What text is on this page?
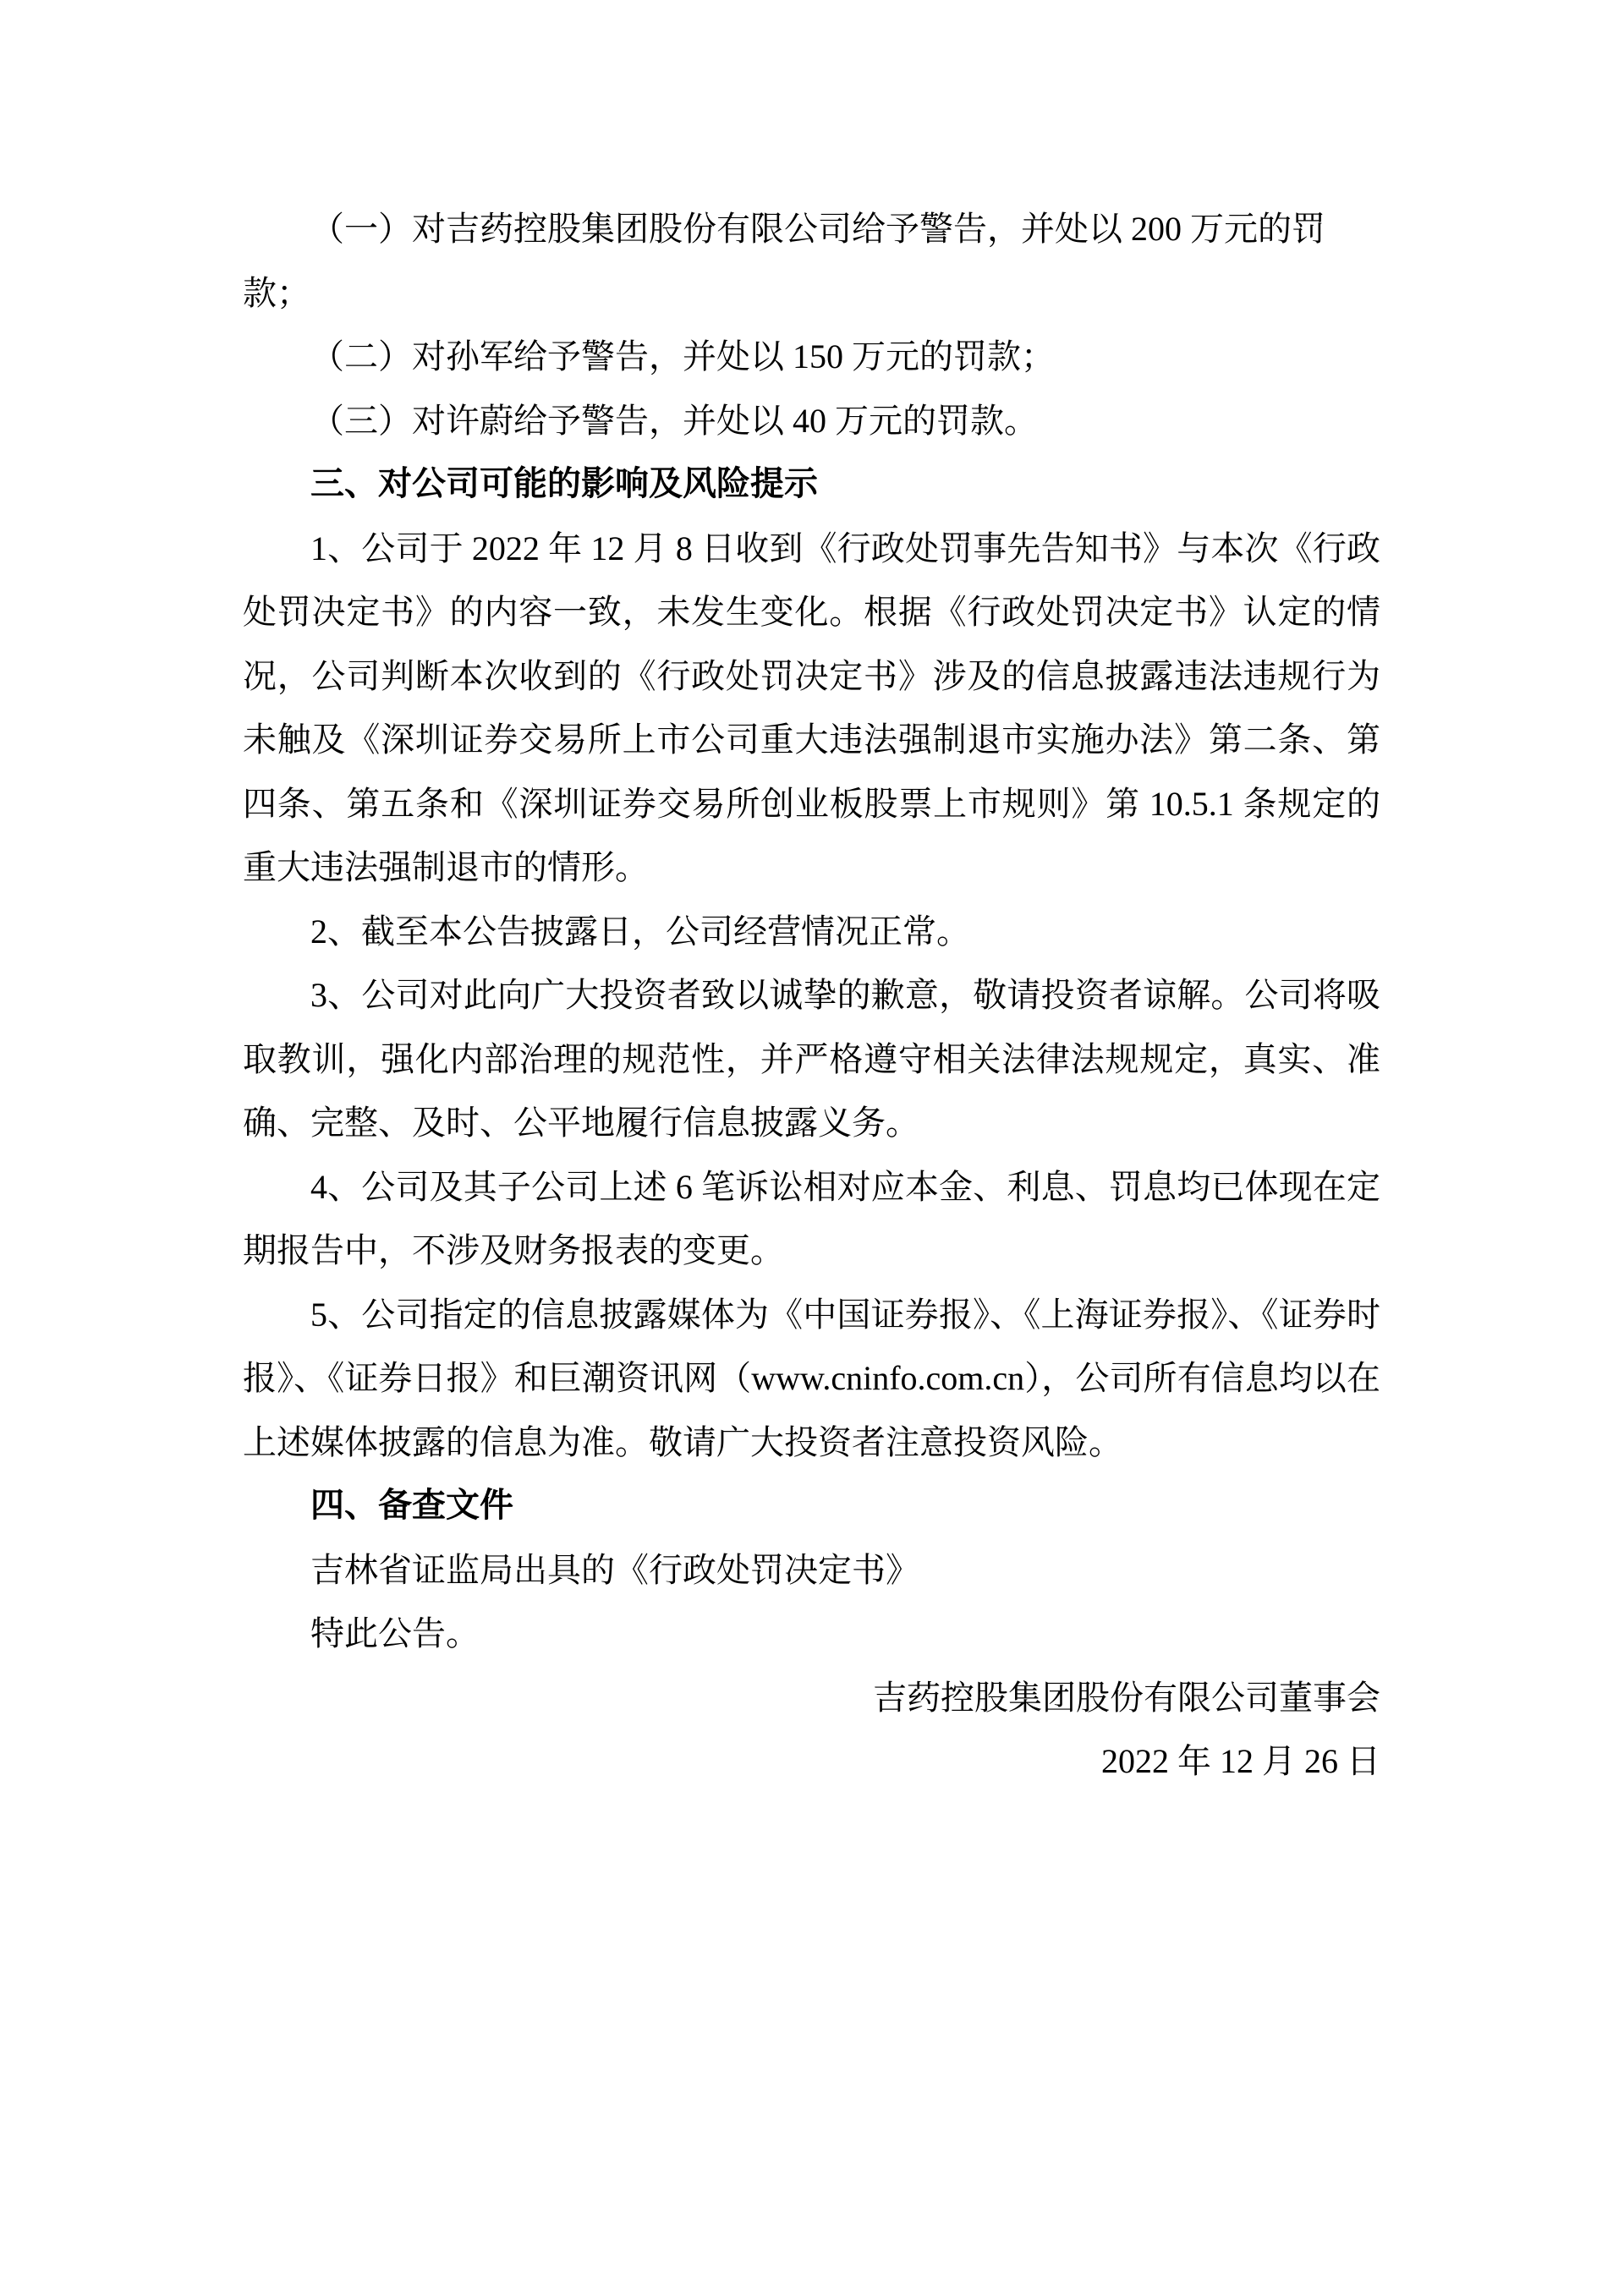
（一）对吉药控股集团股份有限公司给予警告，并处以 200 万元的罚款；

（二）对孙军给予警告，并处以 150 万元的罚款；

（三）对许蔚给予警告，并处以 40 万元的罚款。

三、对公司可能的影响及风险提示

1、公司于 2022 年 12 月 8 日收到《行政处罚事先告知书》与本次《行政处罚决定书》的内容一致，未发生变化。根据《行政处罚决定书》认定的情况，公司判断本次收到的《行政处罚决定书》涉及的信息披露违法违规行为未触及《深圳证券交易所上市公司重大违法强制退市实施办法》第二条、第四条、第五条和《深圳证券交易所创业板股票上市规则》第 10.5.1 条规定的重大违法强制退市的情形。

2、截至本公告披露日，公司经营情况正常。

3、公司对此向广大投资者致以诚挚的歉意，敬请投资者谅解。公司将吸取教训，强化内部治理的规范性，并严格遵守相关法律法规规定，真实、准确、完整、及时、公平地履行信息披露义务。

4、公司及其子公司上述 6 笔诉讼相对应本金、利息、罚息均已体现在定期报告中，不涉及财务报表的变更。

5、公司指定的信息披露媒体为《中国证券报》、《上海证券报》、《证券时报》、《证券日报》和巨潮资讯网（www.cninfo.com.cn），公司所有信息均以在上述媒体披露的信息为准。敬请广大投资者注意投资风险。

四、备查文件

吉林省证监局出具的《行政处罚决定书》

特此公告。

吉药控股集团股份有限公司董事会

2022 年 12 月 26 日
